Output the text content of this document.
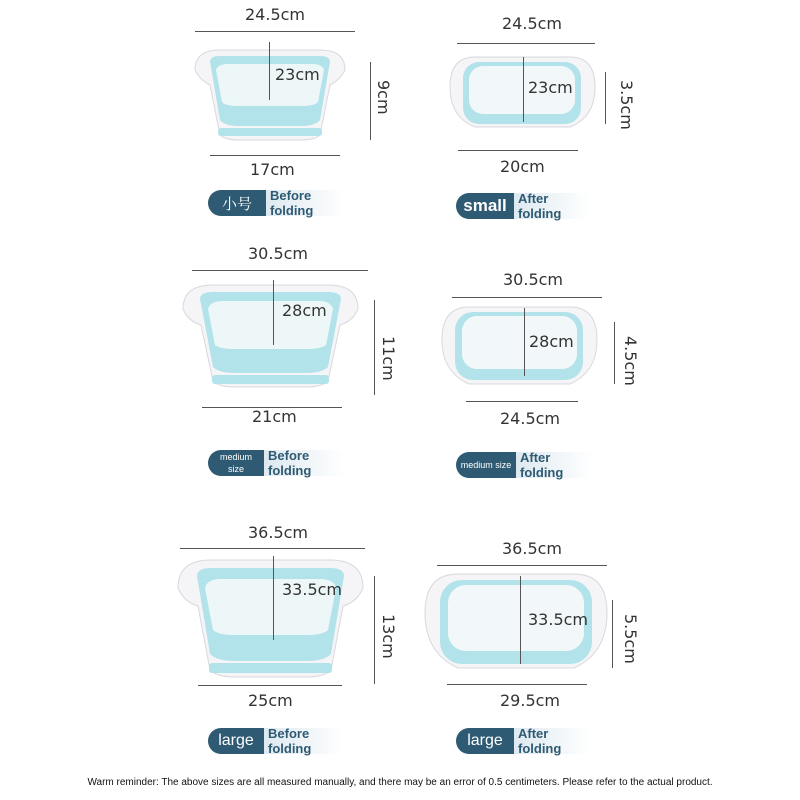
24.5cm
23cm
9cm
17cm
小号	Before folding
24.5cm
23cm	3.5cm
20cm
small After folding
30.5cm
28cm
11cm
21cm
medium size
Before folding
30.5cm
28cm	4.5cm
24.5cm
medium size After folding
36.5cm
33.5cm
13cm
25cm
large	Before folding
36.5cm
33.5cm 5.5cm
29.5cm
large	After folding
Warm reminder: The above sizes are all measured manually, and there may be an error of 0.5 centimeters. Please refer to the actual product.
